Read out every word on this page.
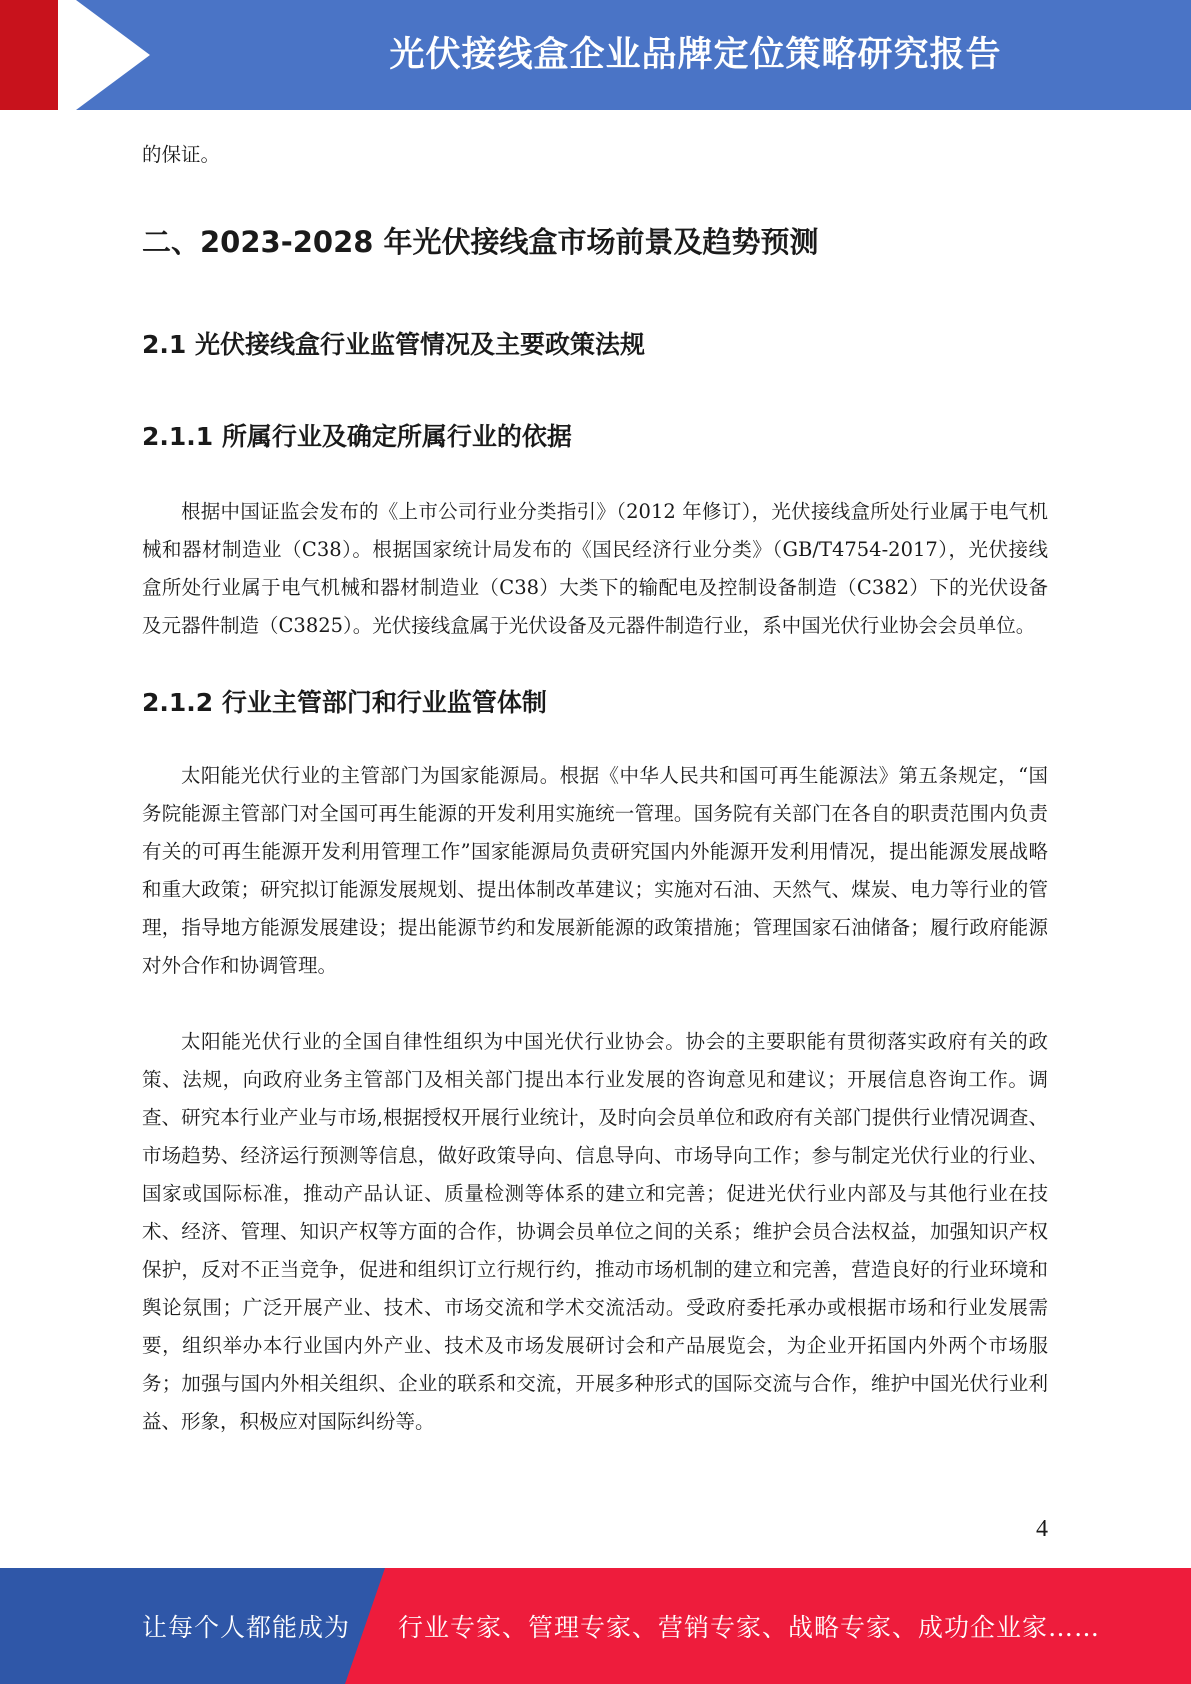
光伏接线盒企业品牌定位策略研究报告

的保证。

二、2023-2028 年光伏接线盒市场前景及趋势预测
2.1 光伏接线盒行业监管情况及主要政策法规
2.1.1 所属行业及确定所属行业的依据

根据中国证监会发布的《上市公司行业分类指引》（2012 年修订），光伏接线盒所处行业属于电气机械和器材制造业（C38）。根据国家统计局发布的《国民经济行业分类》（GB/T4754-2017），光伏接线盒所处行业属于电气机械和器材制造业（C38）大类下的输配电及控制设备制造（C382）下的光伏设备及元器件制造（C3825）。光伏接线盒属于光伏设备及元器件制造行业，系中国光伏行业协会会员单位。

2.1.2 行业主管部门和行业监管体制

太阳能光伏行业的主管部门为国家能源局。根据《中华人民共和国可再生能源法》第五条规定，“国务院能源主管部门对全国可再生能源的开发利用实施统一管理。国务院有关部门在各自的职责范围内负责有关的可再生能源开发利用管理工作”国家能源局负责研究国内外能源开发利用情况，提出能源发展战略和重大政策；研究拟订能源发展规划、提出体制改革建议；实施对石油、天然气、煤炭、电力等行业的管理，指导地方能源发展建设；提出能源节约和发展新能源的政策措施；管理国家石油储备；履行政府能源对外合作和协调管理。

太阳能光伏行业的全国自律性组织为中国光伏行业协会。协会的主要职能有贯彻落实政府有关的政策、法规，向政府业务主管部门及相关部门提出本行业发展的咨询意见和建议；开展信息咨询工作。调查、研究本行业产业与市场,根据授权开展行业统计，及时向会员单位和政府有关部门提供行业情况调查、市场趋势、经济运行预测等信息，做好政策导向、信息导向、市场导向工作；参与制定光伏行业的行业、国家或国际标准，推动产品认证、质量检测等体系的建立和完善；促进光伏行业内部及与其他行业在技术、经济、管理、知识产权等方面的合作，协调会员单位之间的关系；维护会员合法权益，加强知识产权保护，反对不正当竞争，促进和组织订立行规行约，推动市场机制的建立和完善，营造良好的行业环境和舆论氛围；广泛开展产业、技术、市场交流和学术交流活动。受政府委托承办或根据市场和行业发展需要，组织举办本行业国内外产业、技术及市场发展研讨会和产品展览会，为企业开拓国内外两个市场服务；加强与国内外相关组织、企业的联系和交流，开展多种形式的国际交流与合作，维护中国光伏行业利益、形象，积极应对国际纠纷等。

4
让每个人都能成为 行业专家、管理专家、营销专家、战略专家、成功企业家……
